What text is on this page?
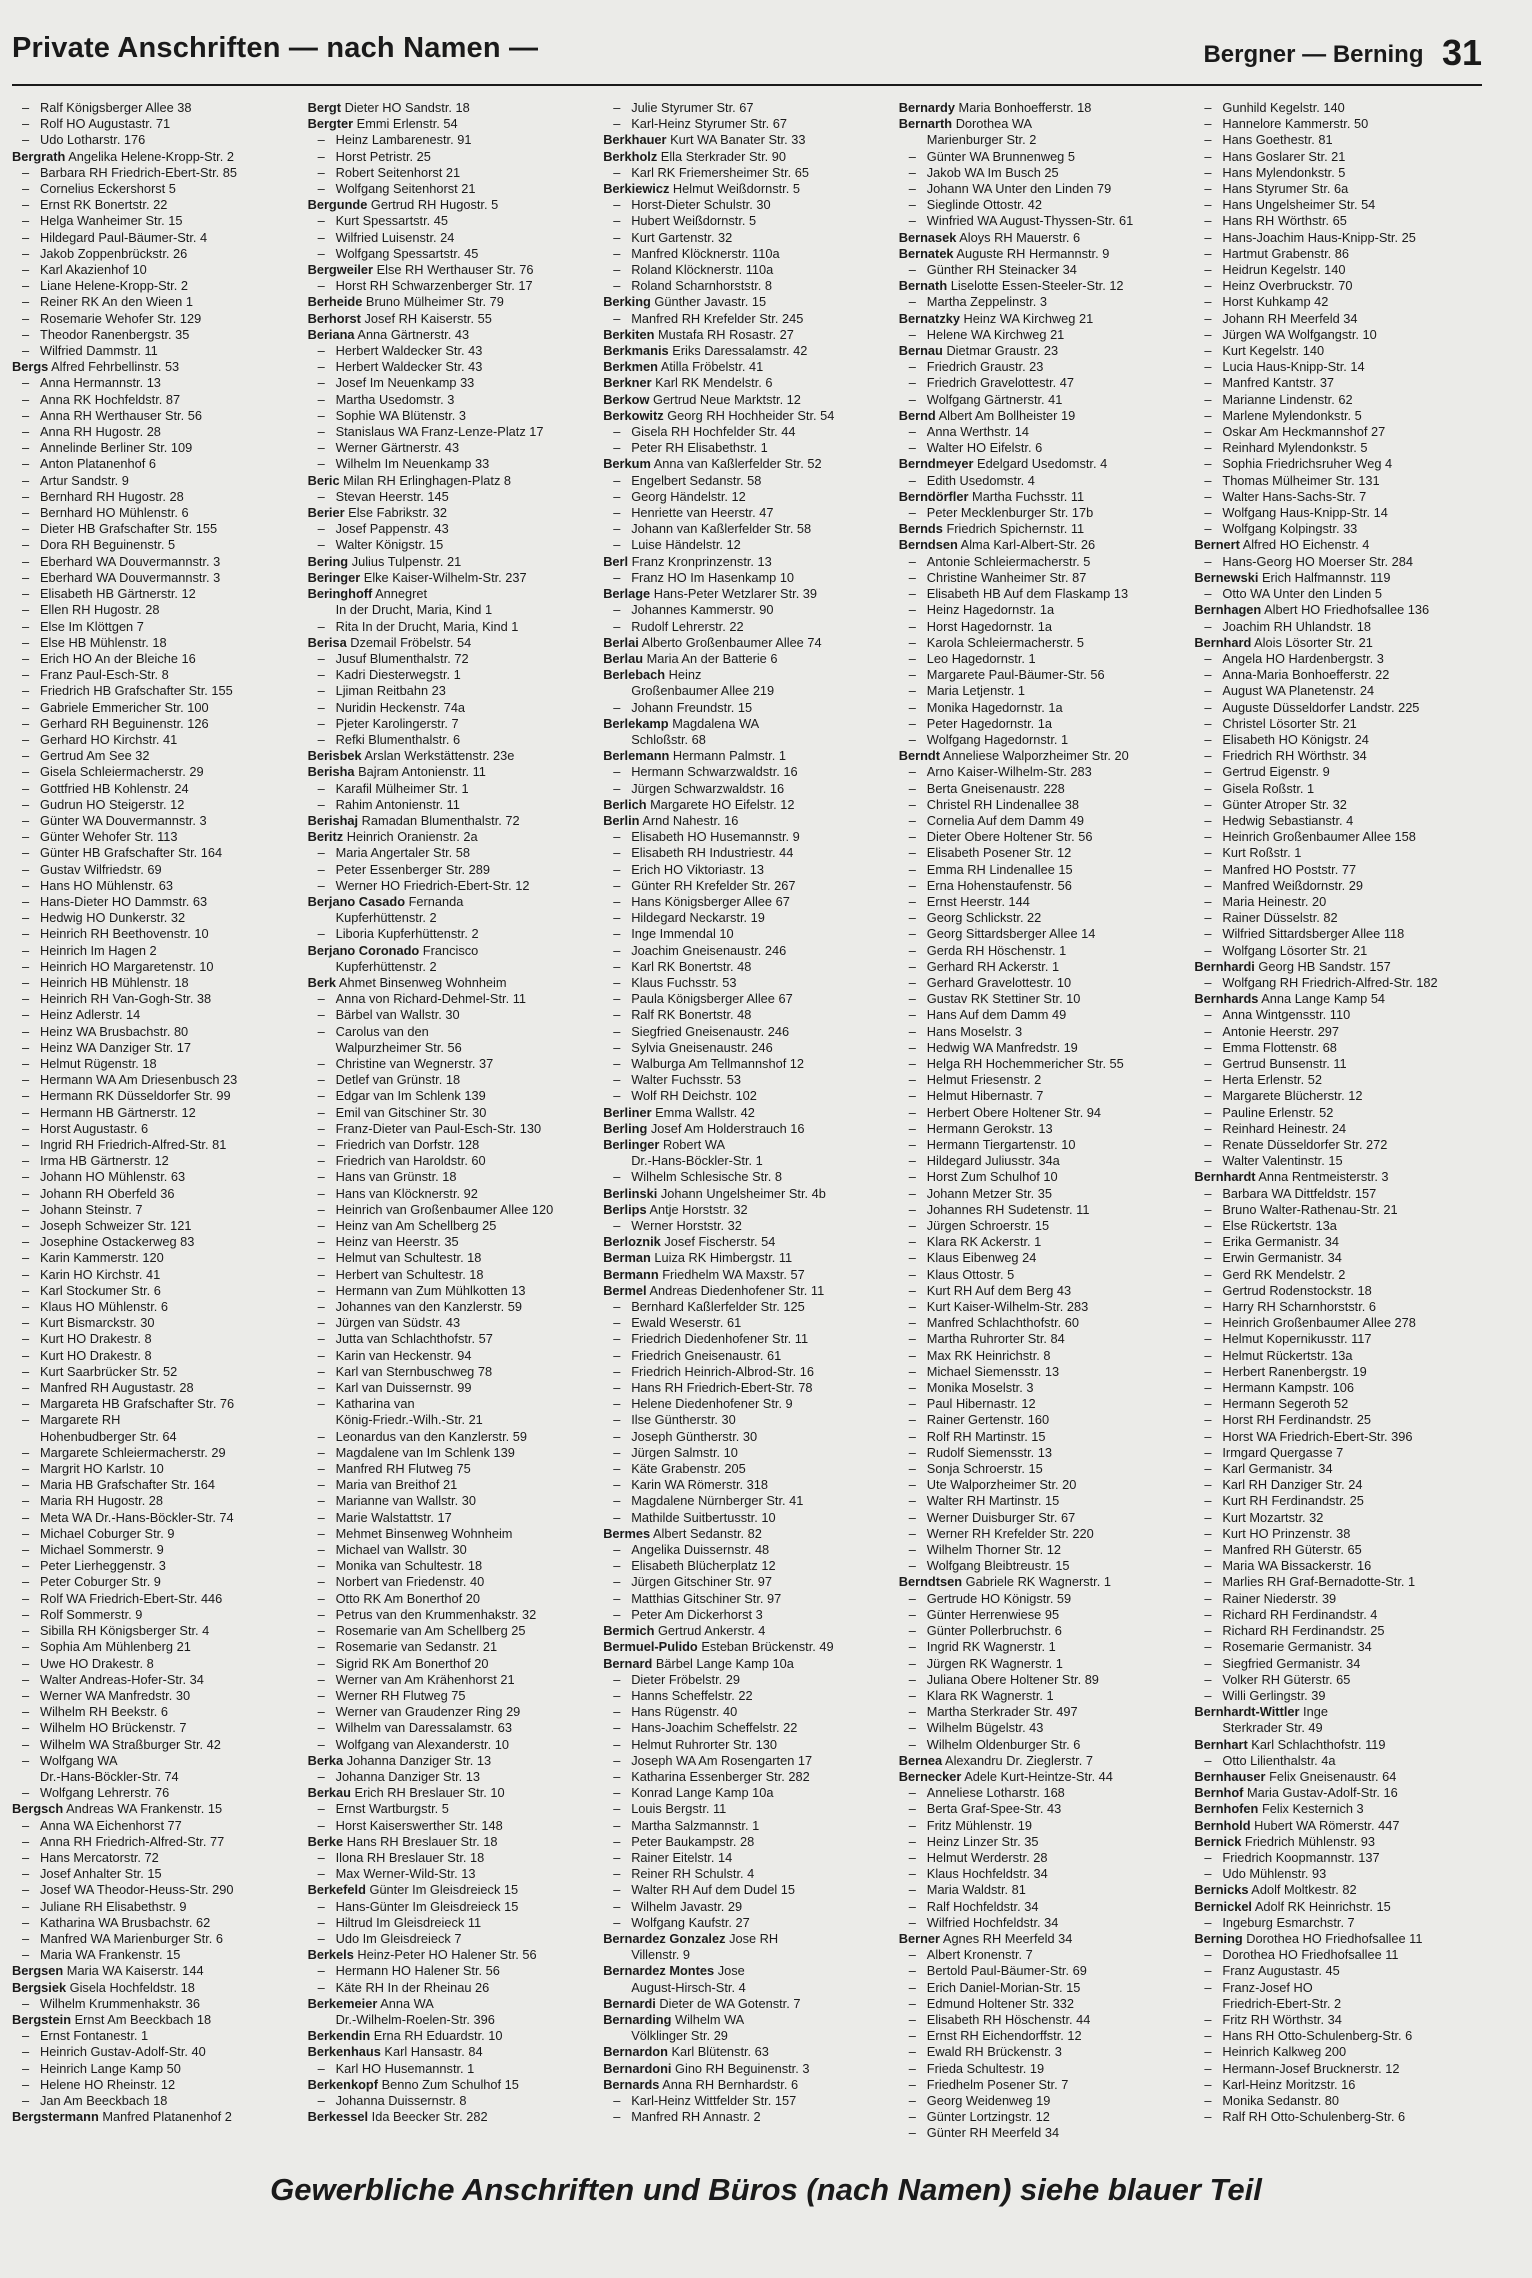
Private Anschriften — nach Namen —	Bergner — Berning 31
– Ralf Königsberger Allee 38
– Rolf HO Augustastr. 71
– Udo Lotharstr. 176
Bergrath Angelika Helene-Kropp-Str. 2
– Barbara RH Friedrich-Ebert-Str. 85
– Cornelius Eckershorst 5
– Ernst RK Bonertstr. 22
– Helga Wanheimer Str. 15
– Hildegard Paul-Bäumer-Str. 4
– Jakob Zoppenbrückstr. 26
– Karl Akazienhof 10
– Liane Helene-Kropp-Str. 2
– Reiner RK An den Wieen 1
– Rosemarie Wehofer Str. 129
– Theodor Ranenbergstr. 35
– Wilfried Dammstr. 11
Bergs Alfred Fehrbellinstr. 53
– Anna Hermannstr. 13
– Anna RK Hochfeldstr. 87
– Anna RH Werthauser Str. 56
– Anna RH Hugostr. 28
– Annelinde Berliner Str. 109
– Anton Platanenhof 6
– Artur Sandstr. 9
– Bernhard RH Hugostr. 28
– Bernhard HO Mühlenstr. 6
– Dieter HB Grafschafter Str. 155
– Dora RH Beguinenstr. 5
– Eberhard WA Douvermannstr. 3
– Eberhard WA Douvermannstr. 3
– Elisabeth HB Gärtnerstr. 12
– Ellen RH Hugostr. 28
– Else Im Klöttgen 7
– Else HB Mühlenstr. 18
– Erich HO An der Bleiche 16
– Franz Paul-Esch-Str. 8
– Friedrich HB Grafschafter Str. 155
– Gabriele Emmericher Str. 100
– Gerhard RH Beguinenstr. 126
– Gerhard HO Kirchstr. 41
– Gertrud Am See 32
– Gisela Schleiermacherstr. 29
– Gottfried HB Kohlenstr. 24
– Gudrun HO Steigerstr. 12
– Günter WA Douvermannstr. 3
– Günter Wehofer Str. 113
– Günter HB Grafschafter Str. 164
– Gustav Wilfriedstr. 69
– Hans HO Mühlenstr. 63
– Hans-Dieter HO Dammstr. 63
– Hedwig HO Dunkerstr. 32
– Heinrich RH Beethovenstr. 10
– Heinrich Im Hagen 2
– Heinrich HO Margaretenstr. 10
– Heinrich HB Mühlenstr. 18
– Heinrich RH Van-Gogh-Str. 38
– Heinz Adlerstr. 14
– Heinz WA Brusbachstr. 80
– Heinz WA Danziger Str. 17
– Helmut Rügenstr. 18
– Hermann WA Am Driesenbusch 23
– Hermann RK Düsseldorfer Str. 99
– Hermann HB Gärtnerstr. 12
– Horst Augustastr. 6
– Ingrid RH Friedrich-Alfred-Str. 81
– Irma HB Gärtnerstr. 12
– Johann HO Mühlenstr. 63
– Johann RH Oberfeld 36
– Johann Steinstr. 7
– Joseph Schweizer Str. 121
– Josephine Ostackerweg 83
– Karin Kammerstr. 120
– Karin HO Kirchstr. 41
– Karl Stockumer Str. 6
– Klaus HO Mühlenstr. 6
– Kurt Bismarckstr. 30
– Kurt HO Drakestr. 8
– Kurt HO Drakestr. 8
– Kurt Saarbrücker Str. 52
– Manfred RH Augustastr. 28
– Margareta HB Grafschafter Str. 76
– Margarete RH
Hohenbudberger Str. 64
– Margarete Schleiermacherstr. 29
– Margrit HO Karlstr. 10
– Maria HB Grafschafter Str. 164
– Maria RH Hugostr. 28
– Meta WA Dr.-Hans-Böckler-Str. 74
– Michael Coburger Str. 9
– Michael Sommerstr. 9
– Peter Lierheggenstr. 3
– Peter Coburger Str. 9
– Rolf WA Friedrich-Ebert-Str. 446
– Rolf Sommerstr. 9
– Sibilla RH Königsberger Str. 4
– Sophia Am Mühlenberg 21
– Uwe HO Drakestr. 8
– Walter Andreas-Hofer-Str. 34
– Werner WA Manfredstr. 30
– Wilhelm RH Beekstr. 6
– Wilhelm HO Brückenstr. 7
– Wilhelm WA Straßburger Str. 42
– Wolfgang WA
Dr.-Hans-Böckler-Str. 74
– Wolfgang Lehrerstr. 76
Bergsch Andreas WA Frankenstr. 15
– Anna WA Eichenhorst 77
– Anna RH Friedrich-Alfred-Str. 77
– Hans Mercatorstr. 72
– Josef Anhalter Str. 15
– Josef WA Theodor-Heuss-Str. 290
– Juliane RH Elisabethstr. 9
– Katharina WA Brusbachstr. 62
– Manfred WA Marienburger Str. 6
– Maria WA Frankenstr. 15
Bergsen Maria WA Kaiserstr. 144
Bergsiek Gisela Hochfeldstr. 18
– Wilhelm Krummenhakstr. 36
Bergstein Ernst Am Beeckbach 18
– Ernst Fontanestr. 1
– Heinrich Gustav-Adolf-Str. 40
– Heinrich Lange Kamp 50
– Helene HO Rheinstr. 12
– Jan Am Beeckbach 18
Bergstermann Manfred Platanenhof 2
Bergt Dieter HO Sandstr. 18
Bergter Emmi Erlenstr. 54
– Heinz Lambarenestr. 91
– Horst Petristr. 25
– Robert Seitenhorst 21
– Wolfgang Seitenhorst 21
Bergunde Gertrud RH Hugostr. 5
– Kurt Spessartstr. 45
– Wilfried Luisenstr. 24
– Wolfgang Spessartstr. 45
Bergweiler Else RH Werthauser Str. 76
– Horst RH Schwarzenberger Str. 17
Berheide Bruno Mülheimer Str. 79
Berhorst Josef RH Kaiserstr. 55
Beriana Anna Gärtnerstr. 43
– Herbert Waldecker Str. 43
– Herbert Waldecker Str. 43
– Josef Im Neuenkamp 33
– Martha Usedomstr. 3
– Sophie WA Blütenstr. 3
– Stanislaus WA Franz-Lenze-Platz 17
– Werner Gärtnerstr. 43
– Wilhelm Im Neuenkamp 33
Beric Milan RH Erlinghagen-Platz 8
– Stevan Heerstr. 145
Berier Else Fabrikstr. 32
– Josef Pappenstr. 43
– Walter Königstr. 15
Bering Julius Tulpenstr. 21
Beringer Elke Kaiser-Wilhelm-Str. 237
Beringhoff Annegret
In der Drucht, Maria, Kind 1
– Rita In der Drucht, Maria, Kind 1
Berisa Dzemail Fröbelstr. 54
– Jusuf Blumenthalstr. 72
– Kadri Diesterwegstr. 1
– Ljiman Reitbahn 23
– Nuridin Heckenstr. 74a
– Pjeter Karolingerstr. 7
– Refki Blumenthalstr. 6
Berisbek Arslan Werkstättenstr. 23e
Berisha Bajram Antonienstr. 11
– Karafil Mülheimer Str. 1
– Rahim Antonienstr. 11
Berishaj Ramadan Blumenthalstr. 72
Beritz Heinrich Oranienstr. 2a
– Maria Angertaler Str. 58
– Peter Essenberger Str. 289
– Werner HO Friedrich-Ebert-Str. 12
Berjano Casado Fernanda
Kupferhüttenstr. 2
– Liboria Kupferhüttenstr. 2
Berjano Coronado Francisco
Kupferhüttenstr. 2
Berk Ahmet Binsenweg Wohnheim
– Anna von Richard-Dehmel-Str. 11
– Bärbel van Wallstr. 30
– Carolus van den
Walpurzheimer Str. 56
– Christine van Wegnerstr. 37
– Detlef van Grünstr. 18
– Edgar van Im Schlenk 139
– Emil van Gitschiner Str. 30
– Franz-Dieter van Paul-Esch-Str. 130
– Friedrich van Dorfstr. 128
– Friedrich van Haroldstr. 60
– Hans van Grünstr. 18
– Hans van Klöcknerstr. 92
– Heinrich van Großenbaumer Allee 120
– Heinz van Am Schellberg 25
– Heinz van Heerstr. 35
– Helmut van Schultestr. 18
– Herbert van Schultestr. 18
– Hermann van Zum Mühlkotten 13
– Johannes van den Kanzlerstr. 59
– Jürgen van Südstr. 43
– Jutta van Schlachthofstr. 57
– Karin van Heckenstr. 94
– Karl van Sternbuschweg 78
– Karl van Duissernstr. 99
– Katharina van
König-Friedr.-Wilh.-Str. 21
– Leonardus van den Kanzlerstr. 59
– Magdalene van Im Schlenk 139
– Manfred RH Flutweg 75
– Maria van Breithof 21
– Marianne van Wallstr. 30
– Marie Walstattstr. 17
– Mehmet Binsenweg Wohnheim
– Michael van Wallstr. 30
– Monika van Schultestr. 18
– Norbert van Friedenstr. 40
– Otto RK Am Bonerthof 20
– Petrus van den Krummenhakstr. 32
– Rosemarie van Am Schellberg 25
– Rosemarie van Sedanstr. 21
– Sigrid RK Am Bonerthof 20
– Werner van Am Krähenhorst 21
– Werner RH Flutweg 75
– Werner van Graudenzer Ring 29
– Wilhelm van Daressalamstr. 63
– Wolfgang van Alexanderstr. 10
Berka Johanna Danziger Str. 13
– Johanna Danziger Str. 13
Berkau Erich RH Breslauer Str. 10
– Ernst Wartburgstr. 5
– Horst Kaiserswerther Str. 148
Berke Hans RH Breslauer Str. 18
– Ilona RH Breslauer Str. 18
– Max Werner-Wild-Str. 13
Berkefeld Günter Im Gleisdreieck 15
– Hans-Günter Im Gleisdreieck 15
– Hiltrud Im Gleisdreieck 11
– Udo Im Gleisdreieck 7
Berkels Heinz-Peter HO Halener Str. 56
– Hermann HO Halener Str. 56
– Käte RH In der Rheinau 26
Berkemeier Anna WA
Dr.-Wilhelm-Roelen-Str. 396
Berkendin Erna RH Eduardstr. 10
Berkenhaus Karl Hansastr. 84
– Karl HO Husemannstr. 1
Berkenkopf Benno Zum Schulhof 15
– Johanna Duissernstr. 8
Berkessel Ida Beecker Str. 282
– Julie Styrumer Str. 67
– Karl-Heinz Styrumer Str. 67
Berkhauer Kurt WA Banater Str. 33
Berkholz Ella Sterkrader Str. 90
– Karl RK Friemersheimer Str. 65
Berkiewicz Helmut Weißdornstr. 5
– Horst-Dieter Schulstr. 30
– Hubert Weißdornstr. 5
– Kurt Gartenstr. 32
– Manfred Klöcknerstr. 110a
– Roland Klöcknerstr. 110a
– Roland Scharnhorststr. 8
Berking Günther Javastr. 15
– Manfred RH Krefelder Str. 245
Berkiten Mustafa RH Rosastr. 27
Berkmanis Eriks Daressalamstr. 42
Berkmen Atilla Fröbelstr. 41
Berkner Karl RK Mendelstr. 6
Berkow Gertrud Neue Marktstr. 12
Berkowitz Georg RH Hochheider Str. 54
– Gisela RH Hochfelder Str. 44
– Peter RH Elisabethstr. 1
Berkum Anna van Kaßlerfelder Str. 52
– Engelbert Sedanstr. 58
– Georg Händelstr. 12
– Henriette van Heerstr. 47
– Johann van Kaßlerfelder Str. 58
– Luise Händelstr. 12
Berl Franz Kronprinzenstr. 13
– Franz HO Im Hasenkamp 10
Berlage Hans-Peter Wetzlarer Str. 39
– Johannes Kammerstr. 90
– Rudolf Lehrerstr. 22
Berlai Alberto Großenbaumer Allee 74
Berlau Maria An der Batterie 6
Berlebach Heinz
Großenbaumer Allee 219
– Johann Freundstr. 15
Berlekamp Magdalena WA
Schloßstr. 68
Berlemann Hermann Palmstr. 1
– Hermann Schwarzwaldstr. 16
– Jürgen Schwarzwaldstr. 16
Berlich Margarete HO Eifelstr. 12
Berlin Arnd Nahestr. 16
– Elisabeth HO Husemannstr. 9
– Elisabeth RH Industriestr. 44
– Erich HO Viktoriastr. 13
– Günter RH Krefelder Str. 267
– Hans Königsberger Allee 67
– Hildegard Neckarstr. 19
– Inge Immendal 10
– Joachim Gneisenaustr. 246
– Karl RK Bonertstr. 48
– Klaus Fuchsstr. 53
– Paula Königsberger Allee 67
– Ralf RK Bonertstr. 48
– Siegfried Gneisenaustr. 246
– Sylvia Gneisenaustr. 246
– Walburga Am Tellmannshof 12
– Walter Fuchsstr. 53
– Wolf RH Deichstr. 102
Berliner Emma Wallstr. 42
Berling Josef Am Holderstrauch 16
Berlinger Robert WA
Dr.-Hans-Böckler-Str. 1
– Wilhelm Schlesische Str. 8
Berlinski Johann Ungelsheimer Str. 4b
Berlips Antje Horststr. 32
– Werner Horststr. 32
Berloznik Josef Fischerstr. 54
Berman Luiza RK Himbergstr. 11
Bermann Friedhelm WA Maxstr. 57
Bermel Andreas Diedenhofener Str. 11
– Bernhard Kaßlerfelder Str. 125
– Ewald Weserstr. 61
– Friedrich Diedenhofener Str. 11
– Friedrich Gneisenaustr. 61
– Friedrich Heinrich-Albrod-Str. 16
– Hans RH Friedrich-Ebert-Str. 78
– Helene Diedenhofener Str. 9
– Ilse Güntherstr. 30
– Joseph Güntherstr. 30
– Jürgen Salmstr. 10
– Käte Grabenstr. 205
– Karin WA Römerstr. 318
– Magdalene Nürnberger Str. 41
– Mathilde Suitbertusstr. 10
Bermes Albert Sedanstr. 82
– Angelika Duissernstr. 48
– Elisabeth Blücherplatz 12
– Jürgen Gitschiner Str. 97
– Matthias Gitschiner Str. 97
– Peter Am Dickerhorst 3
Bermich Gertrud Ankerstr. 4
Bermuel-Pulido Esteban Brückenstr. 49
Bernard Bärbel Lange Kamp 10a
– Dieter Fröbelstr. 29
– Hanns Scheffelstr. 22
– Hans Rügenstr. 40
– Hans-Joachim Scheffelstr. 22
– Helmut Ruhrorter Str. 130
– Joseph WA Am Rosengarten 17
– Katharina Essenberger Str. 282
– Konrad Lange Kamp 10a
– Louis Bergstr. 11
– Martha Salzmannstr. 1
– Peter Baukampstr. 28
– Rainer Eitelstr. 14
– Reiner RH Schulstr. 4
– Walter RH Auf dem Dudel 15
– Wilhelm Javastr. 29
– Wolfgang Kaufstr. 27
Bernardez Gonzalez Jose RH
Villenstr. 9
Bernardez Montes Jose
August-Hirsch-Str. 4
Bernardi Dieter de WA Gotenstr. 7
Bernarding Wilhelm WA
Völklinger Str. 29
Bernardon Karl Blütenstr. 63
Bernardoni Gino RH Beguinenstr. 3
Bernards Anna RH Bernhardstr. 6
– Karl-Heinz Wittfelder Str. 157
– Manfred RH Annastr. 2
Bernardy Maria Bonhoefferstr. 18
Bernarth Dorothea WA
Marienburger Str. 2
– Günter WA Brunnenweg 5
– Jakob WA Im Busch 25
– Johann WA Unter den Linden 79
– Sieglinde Ottostr. 42
– Winfried WA August-Thyssen-Str. 61
Bernasek Aloys RH Mauerstr. 6
Bernatek Auguste RH Hermannstr. 9
– Günther RH Steinacker 34
Bernath Liselotte Essen-Steeler-Str. 12
– Martha Zeppelinstr. 3
Bernatzky Heinz WA Kirchweg 21
– Helene WA Kirchweg 21
Bernau Dietmar Graustr. 23
– Friedrich Graustr. 23
– Friedrich Gravelottestr. 47
– Wolfgang Gärtnerstr. 41
Bernd Albert Am Bollheister 19
– Anna Werthstr. 14
– Walter HO Eifelstr. 6
Berndmeyer Edelgard Usedomstr. 4
– Edith Usedomstr. 4
Berndörfler Martha Fuchsstr. 11
– Peter Mecklenburger Str. 17b
Bernds Friedrich Spichernstr. 11
Berndsen Alma Karl-Albert-Str. 26
– Antonie Schleiermacherstr. 5
– Christine Wanheimer Str. 87
– Elisabeth HB Auf dem Flaskamp 13
– Heinz Hagedornstr. 1a
– Horst Hagedornstr. 1a
– Karola Schleiermacherstr. 5
– Leo Hagedornstr. 1
– Margarete Paul-Bäumer-Str. 56
– Maria Letjenstr. 1
– Monika Hagedornstr. 1a
– Peter Hagedornstr. 1a
– Wolfgang Hagedornstr. 1
Berndt Anneliese Walporzheimer Str. 20
– Arno Kaiser-Wilhelm-Str. 283
– Berta Gneisenaustr. 228
– Christel RH Lindenallee 38
– Cornelia Auf dem Damm 49
– Dieter Obere Holtener Str. 56
– Elisabeth Posener Str. 12
– Emma RH Lindenallee 15
– Erna Hohenstaufenstr. 56
– Ernst Heerstr. 144
– Georg Schlickstr. 22
– Georg Sittardsberger Allee 14
– Gerda RH Höschenstr. 1
– Gerhard RH Ackerstr. 1
– Gerhard Gravelottestr. 10
– Gustav RK Stettiner Str. 10
– Hans Auf dem Damm 49
– Hans Moselstr. 3
– Hedwig WA Manfredstr. 19
– Helga RH Hochemmericher Str. 55
– Helmut Friesenstr. 2
– Helmut Hibernastr. 7
– Herbert Obere Holtener Str. 94
– Hermann Gerokstr. 13
– Hermann Tiergartenstr. 10
– Hildegard Juliusstr. 34a
– Horst Zum Schulhof 10
– Johann Metzer Str. 35
– Johannes RH Sudetenstr. 11
– Jürgen Schroerstr. 15
– Klara RK Ackerstr. 1
– Klaus Eibenweg 24
– Klaus Ottostr. 5
– Kurt RH Auf dem Berg 43
– Kurt Kaiser-Wilhelm-Str. 283
– Manfred Schlachthofstr. 60
– Martha Ruhrorter Str. 84
– Max RK Heinrichstr. 8
– Michael Siemensstr. 13
– Monika Moselstr. 3
– Paul Hibernastr. 12
– Rainer Gertenstr. 160
– Rolf RH Martinstr. 15
– Rudolf Siemensstr. 13
– Sonja Schroerstr. 15
– Ute Walporzheimer Str. 20
– Walter RH Martinstr. 15
– Werner Duisburger Str. 67
– Werner RH Krefelder Str. 220
– Wilhelm Thorner Str. 12
– Wolfgang Bleibtreustr. 15
Berndtsen Gabriele RK Wagnerstr. 1
– Gertrude HO Königstr. 59
– Günter Herrenwiese 95
– Günter Pollerbruchstr. 6
– Ingrid RK Wagnerstr. 1
– Jürgen RK Wagnerstr. 1
– Juliana Obere Holtener Str. 89
– Klara RK Wagnerstr. 1
– Martha Sterkrader Str. 497
– Wilhelm Bügelstr. 43
– Wilhelm Oldenburger Str. 6
Bernea Alexandru Dr. Zieglerstr. 7
Bernecker Adele Kurt-Heintze-Str. 44
– Anneliese Lotharstr. 168
– Berta Graf-Spee-Str. 43
– Fritz Mühlenstr. 19
– Heinz Linzer Str. 35
– Helmut Werderstr. 28
– Klaus Hochfeldstr. 34
– Maria Waldstr. 81
– Ralf Hochfeldstr. 34
– Wilfried Hochfeldstr. 34
Berner Agnes RH Meerfeld 34
– Albert Kronenstr. 7
– Bertold Paul-Bäumer-Str. 69
– Erich Daniel-Morian-Str. 15
– Edmund Holtener Str. 332
– Elisabeth RH Höschenstr. 44
– Ernst RH Eichendorffstr. 12
– Ewald RH Brückenstr. 3
– Frieda Schultestr. 19
– Friedhelm Posener Str. 7
– Georg Weidenweg 19
– Günter Lortzingstr. 12
– Günter RH Meerfeld 34
– Gunhild Kegelstr. 140
– Hannelore Kammerstr. 50
– Hans Goethestr. 81
– Hans Goslarer Str. 21
– Hans Mylendonkstr. 5
– Hans Styrumer Str. 6a
– Hans Ungelsheimer Str. 54
– Hans RH Wörthstr. 65
– Hans-Joachim Haus-Knipp-Str. 25
– Hartmut Grabenstr. 86
– Heidrun Kegelstr. 140
– Heinz Overbruckstr. 70
– Horst Kuhkamp 42
– Johann RH Meerfeld 34
– Jürgen WA Wolfgangstr. 10
– Kurt Kegelstr. 140
– Lucia Haus-Knipp-Str. 14
– Manfred Kantstr. 37
– Marianne Lindenstr. 62
– Marlene Mylendonkstr. 5
– Oskar Am Heckmannshof 27
– Reinhard Mylendonkstr. 5
– Sophia Friedrichsruher Weg 4
– Thomas Mülheimer Str. 131
– Walter Hans-Sachs-Str. 7
– Wolfgang Haus-Knipp-Str. 14
– Wolfgang Kolpingstr. 33
Bernert Alfred HO Eichenstr. 4
– Hans-Georg HO Moerser Str. 284
Bernewski Erich Halfmannstr. 119
– Otto WA Unter den Linden 5
Bernhagen Albert HO Friedhofsallee 136
– Joachim RH Uhlandstr. 18
Bernhard Alois Lösorter Str. 21
– Angela HO Hardenbergstr. 3
– Anna-Maria Bonhoefferstr. 22
– August WA Planetenstr. 24
– Auguste Düsseldorfer Landstr. 225
– Christel Lösorter Str. 21
– Elisabeth HO Königstr. 24
– Friedrich RH Wörthstr. 34
– Gertrud Eigenstr. 9
– Gisela Roßstr. 1
– Günter Atroper Str. 32
– Hedwig Sebastianstr. 4
– Heinrich Großenbaumer Allee 158
– Kurt Roßstr. 1
– Manfred HO Poststr. 77
– Manfred Weißdornstr. 29
– Maria Heinestr. 20
– Rainer Düsselstr. 82
– Wilfried Sittardsberger Allee 118
– Wolfgang Lösorter Str. 21
Bernhardi Georg HB Sandstr. 157
– Wolfgang RH Friedrich-Alfred-Str. 182
Bernhards Anna Lange Kamp 54
– Anna Wintgensstr. 110
– Antonie Heerstr. 297
– Emma Flottenstr. 68
– Gertrud Bunsenstr. 11
– Herta Erlenstr. 52
– Margarete Blücherstr. 12
– Pauline Erlenstr. 52
– Reinhard Heinestr. 24
– Renate Düsseldorfer Str. 272
– Walter Valentinstr. 15
Bernhardt Anna Rentmeisterstr. 3
– Barbara WA Dittfeldstr. 157
– Bruno Walter-Rathenau-Str. 21
– Else Rückertstr. 13a
– Erika Germanistr. 34
– Erwin Germanistr. 34
– Gerd RK Mendelstr. 2
– Gertrud Rodenstockstr. 18
– Harry RH Scharnhorststr. 6
– Heinrich Großenbaumer Allee 278
– Helmut Kopernikusstr. 117
– Helmut Rückertstr. 13a
– Herbert Ranenbergstr. 19
– Hermann Kampstr. 106
– Hermann Segeroth 52
– Horst RH Ferdinandstr. 25
– Horst WA Friedrich-Ebert-Str. 396
– Irmgard Quergasse 7
– Karl Germanistr. 34
– Karl RH Danziger Str. 24
– Kurt RH Ferdinandstr. 25
– Kurt Mozartstr. 32
– Kurt HO Prinzenstr. 38
– Manfred RH Güterstr. 65
– Maria WA Bissackerstr. 16
– Marlies RH Graf-Bernadotte-Str. 1
– Rainer Niederstr. 39
– Richard RH Ferdinandstr. 4
– Richard RH Ferdinandstr. 25
– Rosemarie Germanistr. 34
– Siegfried Germanistr. 34
– Volker RH Güterstr. 65
– Willi Gerlingstr. 39
Bernhardt-Wittler Inge
Sterkrader Str. 49
Bernhart Karl Schlachthofstr. 119
– Otto Lilienthalstr. 4a
Bernhauser Felix Gneisenaustr. 64
Bernhof Maria Gustav-Adolf-Str. 16
Bernhofen Felix Kesternich 3
Bernhold Hubert WA Römerstr. 447
Bernick Friedrich Mühlenstr. 93
– Friedrich Koopmannstr. 137
– Udo Mühlenstr. 93
Bernicks Adolf Moltkestr. 82
Bernickel Adolf RK Heinrichstr. 15
– Ingeburg Esmarchstr. 7
Berning Dorothea HO Friedhofsallee 11
– Dorothea HO Friedhofsallee 11
– Franz Augustastr. 45
– Franz-Josef HO
Friedrich-Ebert-Str. 2
– Fritz RH Wörthstr. 34
– Hans RH Otto-Schulenberg-Str. 6
– Heinrich Kalkweg 200
– Hermann-Josef Brucknerstr. 12
– Karl-Heinz Moritzstr. 16
– Monika Sedanstr. 80
– Ralf RH Otto-Schulenberg-Str. 6
Gewerbliche Anschriften und Büros (nach Namen) siehe blauer Teil
